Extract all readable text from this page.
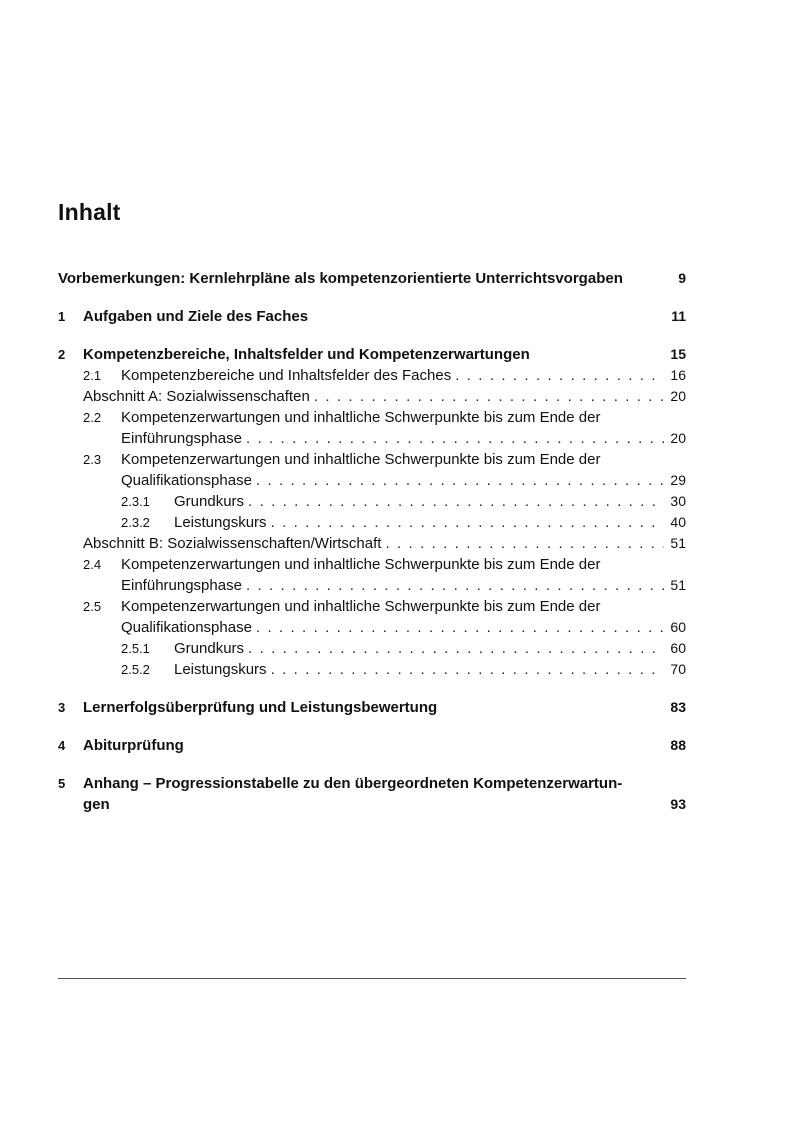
Inhalt
Vorbemerkungen: Kernlehrpläne als kompetenzorientierte Unterrichtsvorgaben	9
1 Aufgaben und Ziele des Faches	11
2 Kompetenzbereiche, Inhaltsfelder und Kompetenzerwartungen	15
2.1 Kompetenzbereiche und Inhaltsfelder des Faches . . .	16
Abschnitt A: Sozialwissenschaften . . .	20
2.2 Kompetenzerwartungen und inhaltliche Schwerpunkte bis zum Ende der
Einführungsphase . . .	20
2.3 Kompetenzerwartungen und inhaltliche Schwerpunkte bis zum Ende der
Qualifikationsphase . . .	29
2.3.1 Grundkurs . . .	30
2.3.2 Leistungskurs . . .	40
Abschnitt B: Sozialwissenschaften/Wirtschaft . . .	51
2.4 Kompetenzerwartungen und inhaltliche Schwerpunkte bis zum Ende der
Einführungsphase . . .	51
2.5 Kompetenzerwartungen und inhaltliche Schwerpunkte bis zum Ende der
Qualifikationsphase . . .	60
2.5.1 Grundkurs . . .	60
2.5.2 Leistungskurs . . .	70
3 Lernerfolgsüberprüfung und Leistungsbewertung	83
4 Abiturprüfung	88
5 Anhang – Progressionstabelle zu den übergeordneten Kompetenzerwartun-
gen	93
